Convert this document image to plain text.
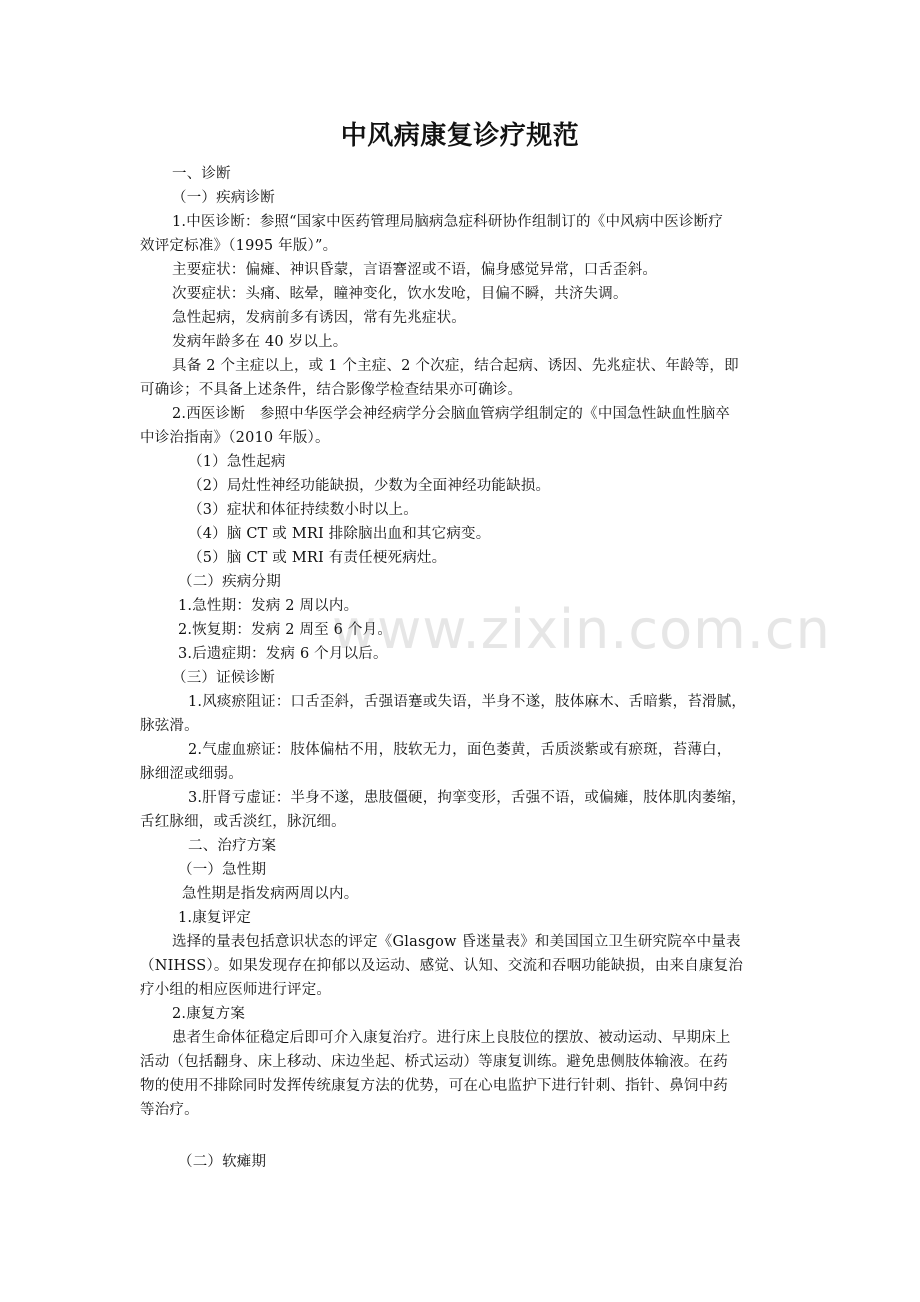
www.zixin.com.cn
中风病康复诊疗规范
一、诊断
（一）疾病诊断
1.中医诊断：参照“国家中医药管理局脑病急症科研协作组制订的《中风病中医诊断疗
效评定标准》（1995 年版）”。
主要症状：偏瘫、神识昏蒙，言语謇涩或不语，偏身感觉异常，口舌歪斜。
次要症状：头痛、眩晕，瞳神变化，饮水发呛，目偏不瞬，共济失调。
急性起病，发病前多有诱因，常有先兆症状。
发病年龄多在 40 岁以上。
具备 2 个主症以上，或 1 个主症、2 个次症，结合起病、诱因、先兆症状、年龄等，即
可确诊；不具备上述条件，结合影像学检查结果亦可确诊。
2.西医诊断　参照中华医学会神经病学分会脑血管病学组制定的《中国急性缺血性脑卒
中诊治指南》（2010 年版）。
（1）急性起病
（2）局灶性神经功能缺损，少数为全面神经功能缺损。
（3）症状和体征持续数小时以上。
（4）脑 CT 或 MRI 排除脑出血和其它病变。
（5）脑 CT 或 MRI 有责任梗死病灶。
（二）疾病分期
1.急性期：发病 2 周以内。
2.恢复期：发病 2 周至 6 个月。
3.后遗症期：发病 6 个月以后。
（三）证候诊断
1.风痰瘀阻证：口舌歪斜，舌强语蹇或失语，半身不遂，肢体麻木、舌暗紫，苔滑腻，
脉弦滑。
2.气虚血瘀证：肢体偏枯不用，肢软无力，面色萎黄，舌质淡紫或有瘀斑，苔薄白，
脉细涩或细弱。
3.肝肾亏虚证：半身不遂，患肢僵硬，拘挛变形，舌强不语，或偏瘫，肢体肌肉萎缩，
舌红脉细，或舌淡红，脉沉细。
二、治疗方案
（一）急性期
急性期是指发病两周以内。
1.康复评定
选择的量表包括意识状态的评定《Glasgow 昏迷量表》和美国国立卫生研究院卒中量表
（NIHSS）。如果发现存在抑郁以及运动、感觉、认知、交流和吞咽功能缺损，由来自康复治
疗小组的相应医师进行评定。
2.康复方案
患者生命体征稳定后即可介入康复治疗。进行床上良肢位的摆放、被动运动、早期床上
活动（包括翻身、床上移动、床边坐起、桥式运动）等康复训练。避免患侧肢体输液。在药
物的使用不排除同时发挥传统康复方法的优势，可在心电监护下进行针刺、指针、鼻饲中药
等治疗。
（二）软瘫期
